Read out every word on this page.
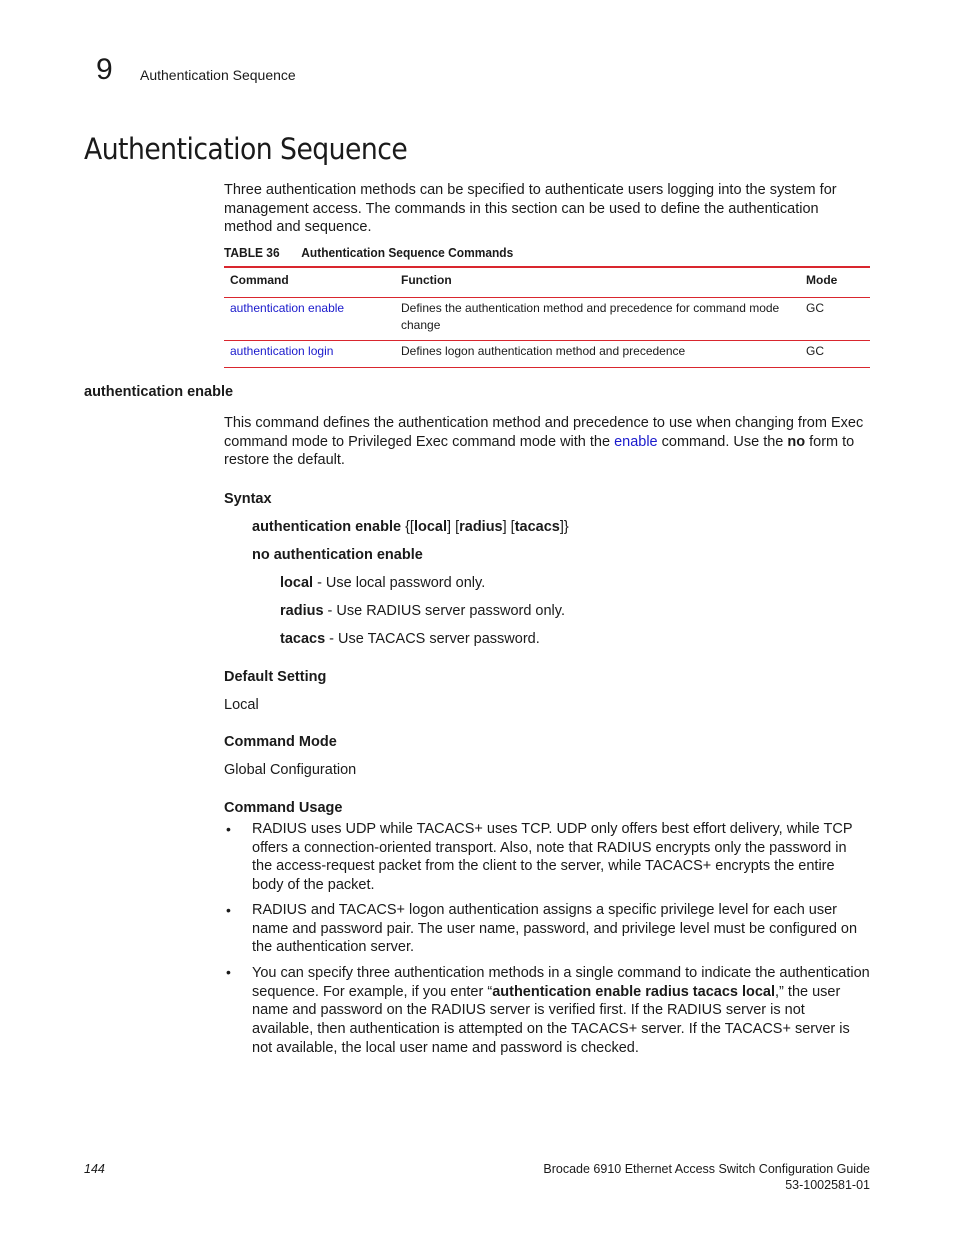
9 Authentication Sequence
Authentication Sequence
Three authentication methods can be specified to authenticate users logging into the system for management access. The commands in this section can be used to define the authentication method and sequence.
TABLE 36 Authentication Sequence Commands
Command	Function	Mode
authentication enable	Defines the authentication method and precedence for command mode change	GC
authentication login	Defines logon authentication method and precedence	GC
authentication enable
This command defines the authentication method and precedence to use when changing from Exec command mode to Privileged Exec command mode with the enable command. Use the no form to restore the default.
Syntax
authentication enable {[local] [radius] [tacacs]}
no authentication enable
local - Use local password only.
radius - Use RADIUS server password only.
tacacs - Use TACACS server password.
Default Setting
Local
Command Mode
Global Configuration
Command Usage
• RADIUS uses UDP while TACACS+ uses TCP. UDP only offers best effort delivery, while TCP offers a connection-oriented transport. Also, note that RADIUS encrypts only the password in the access-request packet from the client to the server, while TACACS+ encrypts the entire body of the packet.
• RADIUS and TACACS+ logon authentication assigns a specific privilege level for each user name and password pair. The user name, password, and privilege level must be configured on the authentication server.
• You can specify three authentication methods in a single command to indicate the authentication sequence. For example, if you enter “authentication enable radius tacacs local,” the user name and password on the RADIUS server is verified first. If the RADIUS server is not available, then authentication is attempted on the TACACS+ server. If the TACACS+ server is not available, the local user name and password is checked.
144	Brocade 6910 Ethernet Access Switch Configuration Guide
53-1002581-01
